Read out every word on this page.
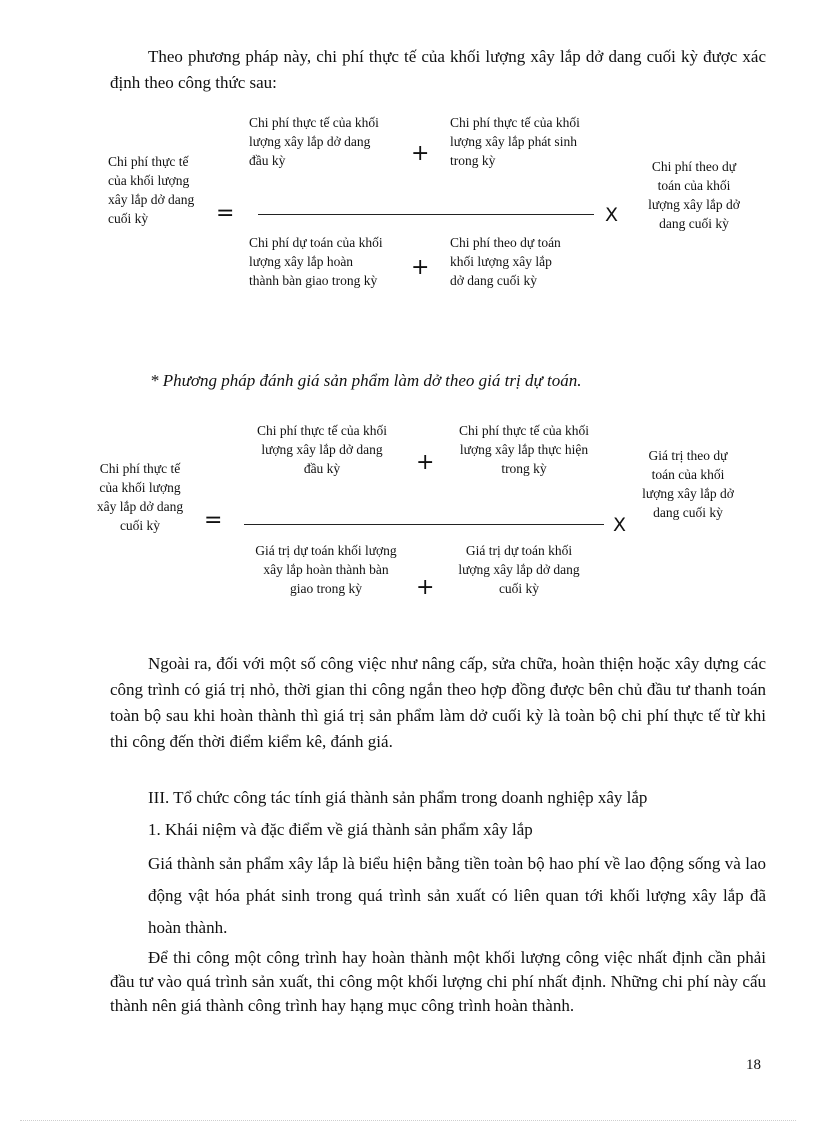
Theo phương pháp này, chi phí thực tế của khối lượng xây lắp dở dang cuối kỳ được xác định theo công thức sau:
Chi phí thực tế của khối lượng xây lắp dở dang cuối kỳ	=
Chi phí thực tế của khối lượng xây lắp dở dang đầu kỳ	+
Chi phí thực tế của khối lượng xây lắp phát sinh trong kỳ
X
Chi phí dự toán của khối lượng xây lắp hoàn thành bàn giao trong kỳ
+
Chi phí theo dự toán khối lượng xây lắp dở dang cuối kỳ
Chi phí theo dự toán của khối lượng xây lắp dở dang cuối kỳ
* Phương pháp đánh giá sản phẩm làm dở theo giá trị dự toán.
Chi phí thực tế của khối lượng xây lắp dở dang cuối kỳ	=
Chi phí thực tế của khối lượng xây lắp dở dang đầu kỳ	+
Chi phí thực tế của khối lượng xây lắp thực hiện trong kỳ
X
Giá trị dự toán khối lượng xây lắp hoàn thành bàn giao trong kỳ	+
Giá trị dự toán khối lượng xây lắp dở dang cuối kỳ
Giá trị theo dự toán của khối lượng xây lắp dở dang cuối kỳ
Ngoài ra, đối với một số công việc như nâng cấp, sửa chữa, hoàn thiện hoặc xây dựng các công trình có giá trị nhỏ, thời gian thi công ngắn theo hợp đồng được bên chủ đầu tư thanh toán toàn bộ sau khi hoàn thành thì giá trị sản phẩm làm dở cuối kỳ là toàn bộ chi phí thực tế từ khi thi công đến thời điểm kiểm kê, đánh giá.
III. Tổ chức công tác tính giá thành sản phẩm trong doanh nghiệp xây lắp
1. Khái niệm và đặc điểm về giá thành sản phẩm xây lắp
Giá thành sản phẩm xây lắp là biểu hiện bằng tiền toàn bộ hao phí về lao động sống và lao động vật hóa phát sinh trong quá trình sản xuất có liên quan tới khối lượng xây lắp đã hoàn thành.
Để thi công một công trình hay hoàn thành một khối lượng công việc nhất định cần phải đầu tư vào quá trình sản xuất, thi công một khối lượng chi phí nhất định. Những chi phí này cấu thành nên giá thành công trình hay hạng mục công trình hoàn thành.
18
